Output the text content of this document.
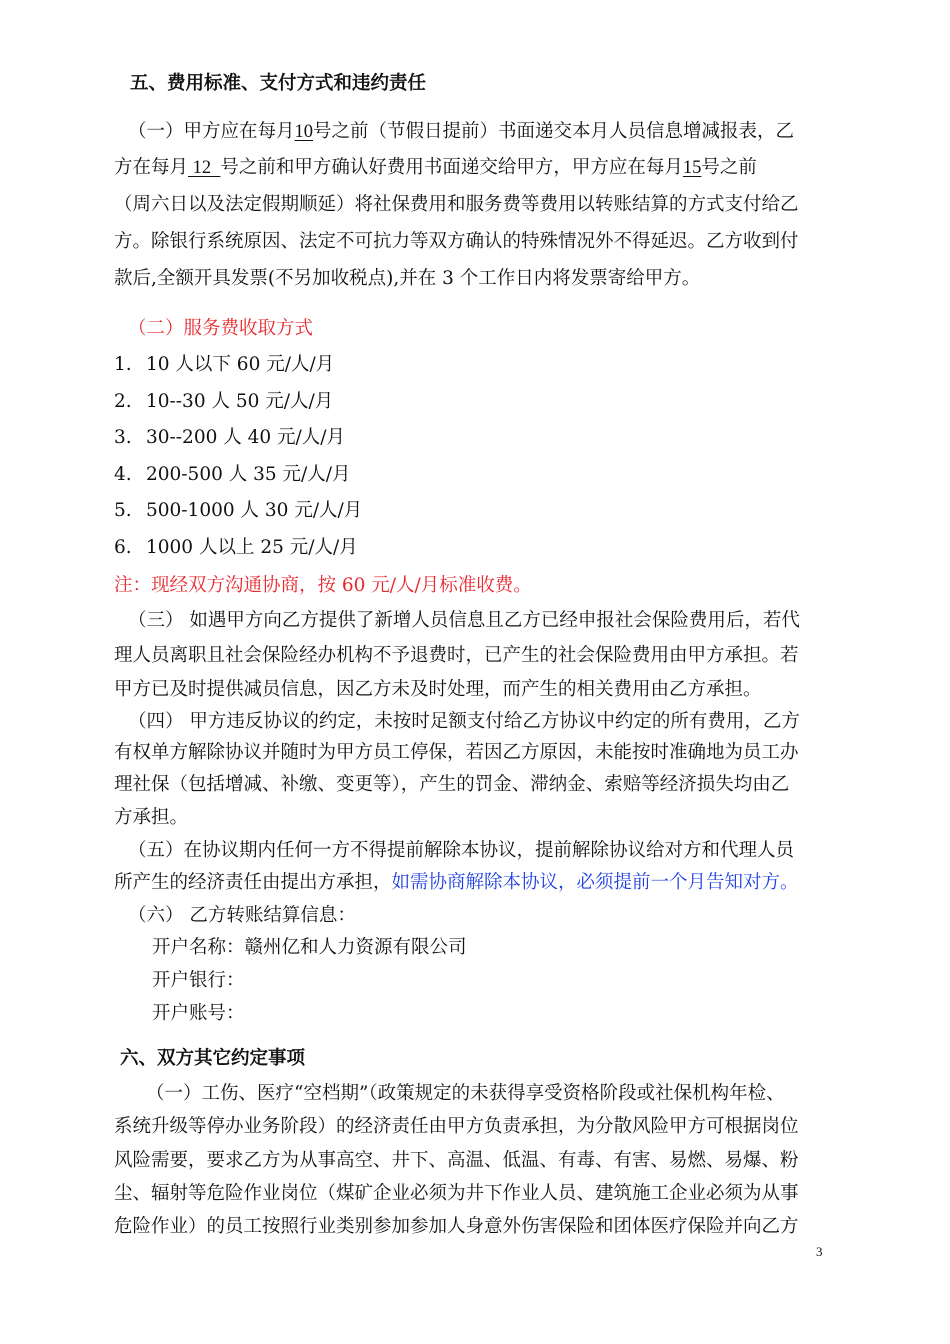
五、费用标准、支付方式和违约责任
（一）甲方应在每月10号之前（节假日提前）书面递交本月人员信息增减报表，乙
方在每月 12  号之前和甲方确认好费用书面递交给甲方，甲方应在每月15号之前
（周六日以及法定假期顺延）将社保费用和服务费等费用以转账结算的方式支付给乙
方。除银行系统原因、法定不可抗力等双方确认的特殊情况外不得延迟。乙方收到付
款后,全额开具发票(不另加收税点),并在 3 个工作日内将发票寄给甲方。
（二）服务费收取方式
1. 10 人以下 60 元/人/月
2. 10--30 人 50 元/人/月
3. 30--200 人 40 元/人/月
4. 200-500 人 35 元/人/月
5. 500-1000 人 30 元/人/月
6. 1000 人以上 25 元/人/月
注：现经双方沟通协商，按 60 元/人/月标准收费。
（三） 如遇甲方向乙方提供了新增人员信息且乙方已经申报社会保险费用后，若代
理人员离职且社会保险经办机构不予退费时，已产生的社会保险费用由甲方承担。若
甲方已及时提供减员信息，因乙方未及时处理，而产生的相关费用由乙方承担。
（四） 甲方违反协议的约定，未按时足额支付给乙方协议中约定的所有费用，乙方
有权单方解除协议并随时为甲方员工停保，若因乙方原因，未能按时准确地为员工办
理社保（包括增减、补缴、变更等），产生的罚金、滞纳金、索赔等经济损失均由乙
方承担。
（五）在协议期内任何一方不得提前解除本协议，提前解除协议给对方和代理人员
所产生的经济责任由提出方承担，如需协商解除本协议，必须提前一个月告知对方。
（六） 乙方转账结算信息：
开户名称：赣州亿和人力资源有限公司
开户银行：
开户账号：
六、双方其它约定事项
（一）工伤、医疗“空档期”（政策规定的未获得享受资格阶段或社保机构年检、
系统升级等停办业务阶段）的经济责任由甲方负责承担，为分散风险甲方可根据岗位
风险需要，要求乙方为从事高空、井下、高温、低温、有毒、有害、易燃、易爆、粉
尘、辐射等危险作业岗位（煤矿企业必须为井下作业人员、建筑施工企业必须为从事
危险作业）的员工按照行业类别参加参加人身意外伤害保险和团体医疗保险并向乙方
3
